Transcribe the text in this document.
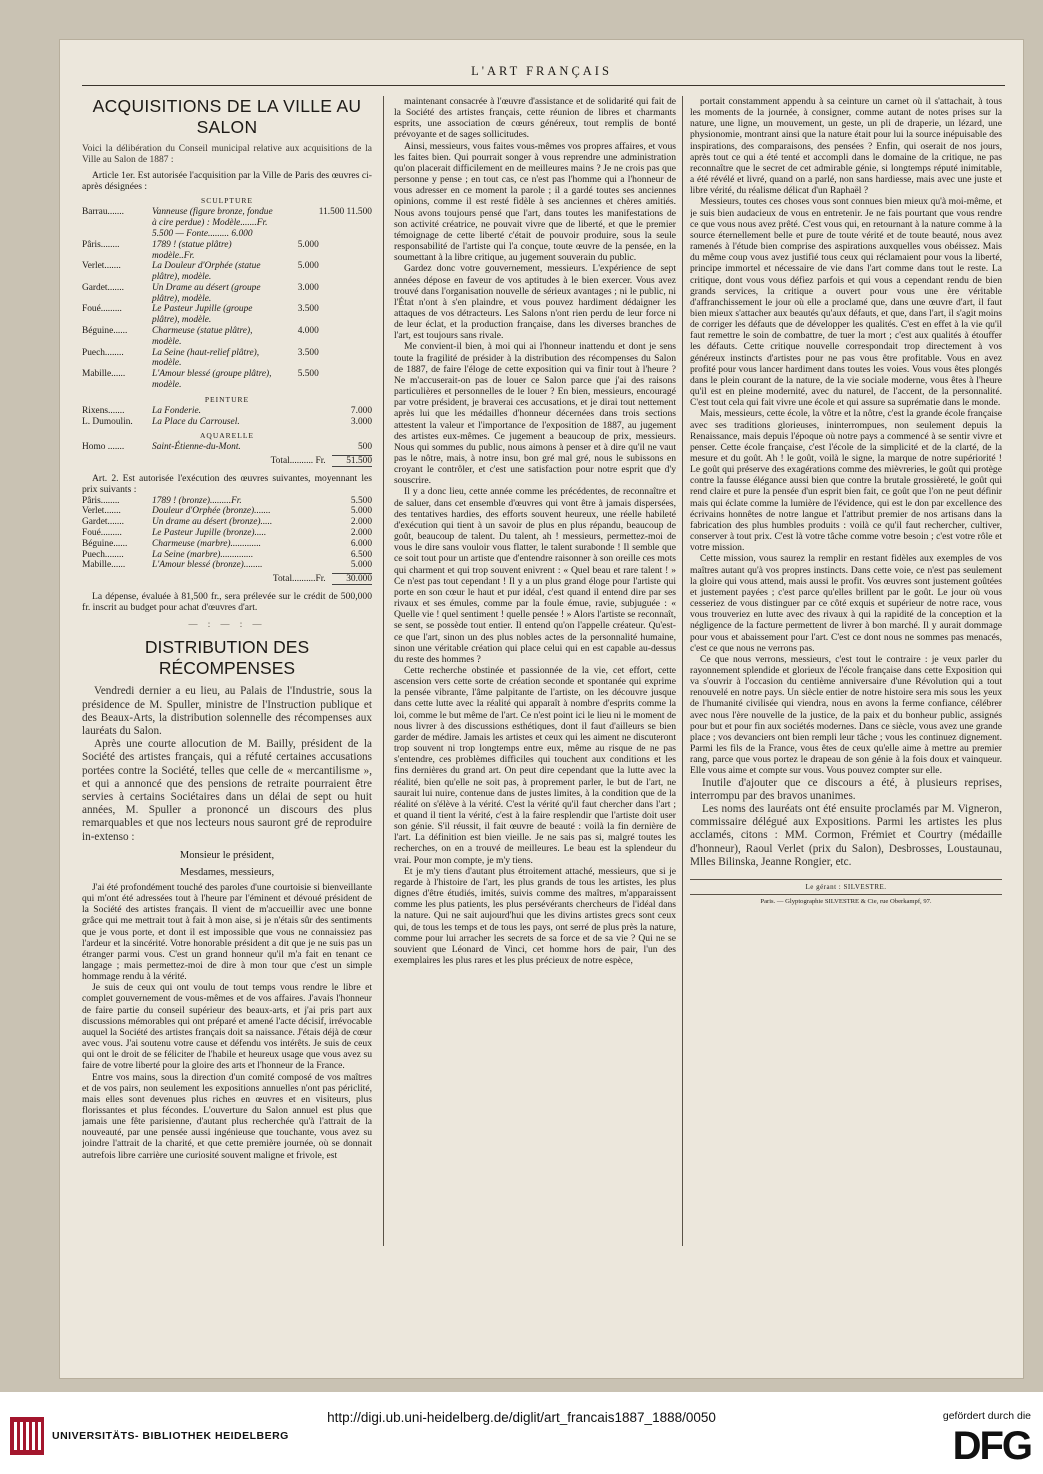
L'ART FRANÇAIS
ACQUISITIONS DE LA VILLE AU SALON

Voici la délibération du Conseil municipal relative aux acquisitions de la Ville au Salon de 1887 :

Article 1er. Est autorisée l'acquisition par la Ville de Paris des œuvres ci-après désignées :

SCULPTURE
Barrau.......	Vanneuse (figure bronze, fondue à cire perdue) : Modèle.......Fr. 5.500 — Fonte......... 6.000		11.500 11.500
Pâris........	1789 ! (statue plâtre) modèle..Fr.	5.000	
Verlet.......	La Douleur d'Orphée (statue plâtre), modèle.	5.000	
Gardet.......	Un Drame au désert (groupe plâtre), modèle.	3.000	
Foué.........	Le Pasteur Jupille (groupe plâtre), modèle.	3.500	
Béguine......	Charmeuse (statue plâtre), modèle.	4.000	
Puech........	La Seine (haut-relief plâtre), modèle.	3.500	
Mabille......	L'Amour blessé (groupe plâtre), modèle.	5.500	
PEINTURE
Rixens.......	La Fonderie.	7.000
L. Dumoulin.	La Place du Carrousel.	3.000
AQUARELLE
Homo .......	Saint-Étienne-du-Mont.	500
Total.......... Fr. 51.500

Art. 2. Est autorisée l'exécution des œuvres suivantes, moyennant les prix suivants :

Pâris........	1789 ! (bronze).........Fr.	5.500
Verlet.......	Douleur d'Orphée (bronze).......	5.000
Gardet.......	Un drame au désert (bronze).....	2.000
Foué.........	Le Pasteur Jupille (bronze).....	2.000
Béguine......	Charmeuse (marbre).............	6.000
Puech........	La Seine (marbre)..............	6.500
Mabille......	L'Amour blessé (bronze)........	5.000
Total..........Fr. 30.000

La dépense, évaluée à 81,500 fr., sera prélevée sur le crédit de 500,000 fr. inscrit au budget pour achat d'œuvres d'art.

— : — : —
DISTRIBUTION DES RÉCOMPENSES

Vendredi dernier a eu lieu, au Palais de l'Industrie, sous la présidence de M. Spuller, ministre de l'Instruction publique et des Beaux-Arts, la distribution solennelle des récompenses aux lauréats du Salon.

Après une courte allocution de M. Bailly, président de la Société des artistes français, qui a réfuté certaines accusations portées contre la Société, telles que celle de « mercantilisme », et qui a annoncé que des pensions de retraite pourraient être servies à certains Sociétaires dans un délai de sept ou huit années, M. Spuller a prononcé un discours des plus remarquables et que nos lecteurs nous sauront gré de reproduire in-extenso :

Monsieur le président,
Mesdames, messieurs,

J'ai été profondément touché des paroles d'une courtoisie si bienveillante qui m'ont été adressées tout à l'heure par l'éminent et dévoué président de la Société des artistes français. Il vient de m'accueillir avec une bonne grâce qui me mettrait tout à fait à mon aise, si je n'étais sûr des sentiments que je vous porte, et dont il est impossible que vous ne connaissiez pas l'ardeur et la sincérité. Votre honorable président a dit que je ne suis pas un étranger parmi vous. C'est un grand honneur qu'il m'a fait en tenant ce langage ; mais permettez-moi de dire à mon tour que c'est un simple hommage rendu à la vérité.

Je suis de ceux qui ont voulu de tout temps vous rendre le libre et complet gouvernement de vous-mêmes et de vos affaires. J'avais l'honneur de faire partie du conseil supérieur des beaux-arts, et j'ai pris part aux discussions mémorables qui ont préparé et amené l'acte décisif, irrévocable auquel la Société des artistes français doit sa naissance. J'étais déjà de cœur avec vous. J'ai soutenu votre cause et défendu vos intérêts. Je suis de ceux qui ont le droit de se féliciter de l'habile et heureux usage que vous avez su faire de votre liberté pour la gloire des arts et l'honneur de la France.

Entre vos mains, sous la direction d'un comité composé de vos maîtres et de vos pairs, non seulement les expositions annuelles n'ont pas périclité, mais elles sont devenues plus riches en œuvres et en visiteurs, plus florissantes et plus fécondes. L'ouverture du Salon annuel est plus que jamais une fête parisienne, d'autant plus recherchée qu'à l'attrait de la nouveauté, par une pensée aussi ingénieuse que touchante, vous avez su joindre l'attrait de la charité, et que cette première journée, où se donnait autrefois libre carrière une curiosité souvent maligne et frivole, est

maintenant consacrée à l'œuvre d'assistance et de solidarité qui fait de la Société des artistes français, cette réunion de libres et charmants esprits, une association de cœurs généreux, tout remplis de bonté prévoyante et de sages sollicitudes.

Ainsi, messieurs, vous faites vous-mêmes vos propres affaires, et vous les faites bien. Qui pourrait songer à vous reprendre une administration qu'on placerait difficilement en de meilleures mains ? Je ne crois pas que personne y pense ; en tout cas, ce n'est pas l'homme qui a l'honneur de vous adresser en ce moment la parole ; il a gardé toutes ses anciennes opinions, comme il est resté fidèle à ses anciennes et chères amitiés. Nous avons toujours pensé que l'art, dans toutes les manifestations de son activité créatrice, ne pouvait vivre que de liberté, et que le premier témoignage de cette liberté c'était de pouvoir produire, sous la seule responsabilité de l'artiste qui l'a conçue, toute œuvre de la pensée, en la soumettant à la libre critique, au jugement souverain du public.

Gardez donc votre gouvernement, messieurs. L'expérience de sept années dépose en faveur de vos aptitudes à le bien exercer. Vous avez trouvé dans l'organisation nouvelle de sérieux avantages ; ni le public, ni l'État n'ont à s'en plaindre, et vous pouvez hardiment dédaigner les attaques de vos détracteurs. Les Salons n'ont rien perdu de leur force ni de leur éclat, et la production française, dans les diverses branches de l'art, est toujours sans rivale.

Me convient-il bien, à moi qui ai l'honneur inattendu et dont je sens toute la fragilité de présider à la distribution des récompenses du Salon de 1887, de faire l'éloge de cette exposition qui va finir tout à l'heure ? Ne m'accuserait-on pas de louer ce Salon parce que j'ai des raisons particulières et personnelles de le louer ? En bien, messieurs, encouragé par votre président, je braverai ces accusations, et je dirai tout nettement après lui que les médailles d'honneur décernées dans trois sections attestent la valeur et l'importance de l'exposition de 1887, au jugement des artistes eux-mêmes. Ce jugement a beaucoup de prix, messieurs. Nous qui sommes du public, nous aimons à penser et à dire qu'il ne vaut pas le nôtre, mais, à notre insu, bon gré mal gré, nous le subissons en croyant le contrôler, et c'est une satisfaction pour notre esprit que d'y souscrire.

Il y a donc lieu, cette année comme les précédentes, de reconnaître et de saluer, dans cet ensemble d'œuvres qui vont être à jamais dispersées, des tentatives hardies, des efforts souvent heureux, une réelle habileté d'exécution qui tient à un savoir de plus en plus répandu, beaucoup de goût, beaucoup de talent. Du talent, ah ! messieurs, permettez-moi de vous le dire sans vouloir vous flatter, le talent surabonde ! Il semble que ce soit tout pour un artiste que d'entendre raisonner à son oreille ces mots qui charment et qui trop souvent enivrent : « Quel beau et rare talent ! » Ce n'est pas tout cependant ! Il y a un plus grand éloge pour l'artiste qui porte en son cœur le haut et pur idéal, c'est quand il entend dire par ses rivaux et ses émules, comme par la foule émue, ravie, subjuguée : « Quelle vie ! quel sentiment ! quelle pensée ! » Alors l'artiste se reconnaît, se sent, se possède tout entier. Il entend qu'on l'appelle créateur. Qu'est-ce que l'art, sinon un des plus nobles actes de la personnalité humaine, sinon une véritable création qui place celui qui en est capable au-dessus du reste des hommes ?

Cette recherche obstinée et passionnée de la vie, cet effort, cette ascension vers cette sorte de création seconde et spontanée qui exprime la pensée vibrante, l'âme palpitante de l'artiste, on les découvre jusque dans cette lutte avec la réalité qui apparaît à nombre d'esprits comme la loi, comme le but même de l'art. Ce n'est point ici le lieu ni le moment de nous livrer à des discussions esthétiques, dont il faut d'ailleurs se bien garder de médire. Jamais les artistes et ceux qui les aiment ne discuteront trop souvent ni trop longtemps entre eux, même au risque de ne pas s'entendre, ces problèmes difficiles qui touchent aux conditions et les fins dernières du grand art. On peut dire cependant que la lutte avec la réalité, bien qu'elle ne soit pas, à proprement parler, le but de l'art, ne saurait lui nuire, contenue dans de justes limites, à la condition que de la réalité on s'élève à la vérité. C'est la vérité qu'il faut chercher dans l'art ; et quand il tient la vérité, c'est à la faire resplendir que l'artiste doit user son génie. S'il réussit, il fait œuvre de beauté : voilà la fin dernière de l'art. La définition est bien vieille. Je ne sais pas si, malgré toutes les recherches, on en a trouvé de meilleures. Le beau est la splendeur du vrai. Pour mon compte, je m'y tiens.

Et je m'y tiens d'autant plus étroitement attaché, messieurs, que si je regarde à l'histoire de l'art, les plus grands de tous les artistes, les plus dignes d'être étudiés, imités, suivis comme des maîtres, m'apparaissent comme les plus patients, les plus persévérants chercheurs de l'idéal dans la nature. Qui ne sait aujourd'hui que les divins artistes grecs sont ceux qui, de tous les temps et de tous les pays, ont serré de plus près la nature, comme pour lui arracher les secrets de sa force et de sa vie ? Qui ne se souvient que Léonard de Vinci, cet homme hors de pair, l'un des exemplaires les plus rares et les plus précieux de notre espèce,

portait constamment appendu à sa ceinture un carnet où il s'attachait, à tous les moments de la journée, à consigner, comme autant de notes prises sur la nature, une ligne, un mouvement, un geste, un pli de draperie, un lézard, une physionomie, montrant ainsi que la nature était pour lui la source inépuisable des inspirations, des comparaisons, des pensées ? Enfin, qui oserait de nos jours, après tout ce qui a été tenté et accompli dans le domaine de la critique, ne pas reconnaître que le secret de cet admirable génie, si longtemps réputé inimitable, a été révélé et livré, quand on a parlé, non sans hardiesse, mais avec une juste et libre vérité, du réalisme délicat d'un Raphaël ?

Messieurs, toutes ces choses vous sont connues bien mieux qu'à moi-même, et je suis bien audacieux de vous en entretenir. Je ne fais pourtant que vous rendre ce que vous nous avez prêté. C'est vous qui, en retournant à la nature comme à la source éternellement belle et pure de toute vérité et de toute beauté, nous avez ramenés à l'étude bien comprise des aspirations auxquelles vous obéissez. Mais du même coup vous avez justifié tous ceux qui réclamaient pour vous la liberté, principe immortel et nécessaire de vie dans l'art comme dans tout le reste. La critique, dont vous vous défiez parfois et qui vous a cependant rendu de bien grands services, la critique a ouvert pour vous une ère véritable d'affranchissement le jour où elle a proclamé que, dans une œuvre d'art, il faut bien mieux s'attacher aux beautés qu'aux défauts, et que, dans l'art, il s'agit moins de corriger les défauts que de développer les qualités. C'est en effet à la vie qu'il faut remettre le soin de combattre, de tuer la mort ; c'est aux qualités à étouffer les défauts. Cette critique nouvelle correspondait trop directement à vos généreux instincts d'artistes pour ne pas vous être profitable. Vous en avez profité pour vous lancer hardiment dans toutes les voies. Vous vous êtes plongés dans le plein courant de la nature, de la vie sociale moderne, vous êtes à l'heure qu'il est en pleine modernité, avec du naturel, de l'accent, de la personnalité. C'est tout cela qui fait vivre une école et qui assure sa suprématie dans le monde.

Mais, messieurs, cette école, la vôtre et la nôtre, c'est la grande école française avec ses traditions glorieuses, ininterrompues, non seulement depuis la Renaissance, mais depuis l'époque où notre pays a commencé à se sentir vivre et penser. Cette école française, c'est l'école de la simplicité et de la clarté, de la mesure et du goût. Ah ! le goût, voilà le signe, la marque de notre supériorité ! Le goût qui préserve des exagérations comme des mièvreries, le goût qui protège contre la fausse élégance aussi bien que contre la brutale grossièreté, le goût qui rend claire et pure la pensée d'un esprit bien fait, ce goût que l'on ne peut définir mais qui éclate comme la lumière de l'évidence, qui est le don par excellence des écrivains honnêtes de notre langue et l'attribut premier de nos artisans dans la fabrication des plus humbles produits : voilà ce qu'il faut rechercher, cultiver, conserver à tout prix. C'est là votre tâche comme votre besoin ; c'est votre rôle et votre mission.

Cette mission, vous saurez la remplir en restant fidèles aux exemples de vos maîtres autant qu'à vos propres instincts. Dans cette voie, ce n'est pas seulement la gloire qui vous attend, mais aussi le profit. Vos œuvres sont justement goûtées et justement payées ; c'est parce qu'elles brillent par le goût. Le jour où vous cesseriez de vous distinguer par ce côté exquis et supérieur de notre race, vous vous trouveriez en lutte avec des rivaux à qui la rapidité de la conception et la négligence de la facture permettent de livrer à bon marché. Il y aurait dommage pour vous et abaissement pour l'art. C'est ce dont nous ne sommes pas menacés, c'est ce que nous ne verrons pas.

Ce que nous verrons, messieurs, c'est tout le contraire : je veux parler du rayonnement splendide et glorieux de l'école française dans cette Exposition qui va s'ouvrir à l'occasion du centième anniversaire d'une Révolution qui a tout renouvelé en notre pays. Un siècle entier de notre histoire sera mis sous les yeux de l'humanité civilisée qui viendra, nous en avons la ferme confiance, célébrer avec nous l'ère nouvelle de la justice, de la paix et du bonheur public, assignés pour but et pour fin aux sociétés modernes. Dans ce siècle, vous avez une grande place ; vos devanciers ont bien rempli leur tâche ; vous les continuez dignement. Parmi les fils de la France, vous êtes de ceux qu'elle aime à mettre au premier rang, parce que vous portez le drapeau de son génie à la fois doux et vainqueur. Elle vous aime et compte sur vous. Vous pouvez compter sur elle.

Inutile d'ajouter que ce discours a été, à plusieurs reprises, interrompu par des bravos unanimes.

Les noms des lauréats ont été ensuite proclamés par M. Vigneron, commissaire délégué aux Expositions. Parmi les artistes les plus acclamés, citons : MM. Cormon, Frémiet et Courtry (médaille d'honneur), Raoul Verlet (prix du Salon), Desbrosses, Loustaunau, Mlles Bilinska, Jeanne Rongier, etc.

Le gérant : SILVESTRE.
Paris. — Glyptographie SILVESTRE & Cie, rue Oberkampf, 97.
UNIVERSITÄTS- BIBLIOTHEK HEIDELBERG
http://digi.ub.uni-heidelberg.de/diglit/art_francais1887_1888/0050	gefördert durch die
DFG
